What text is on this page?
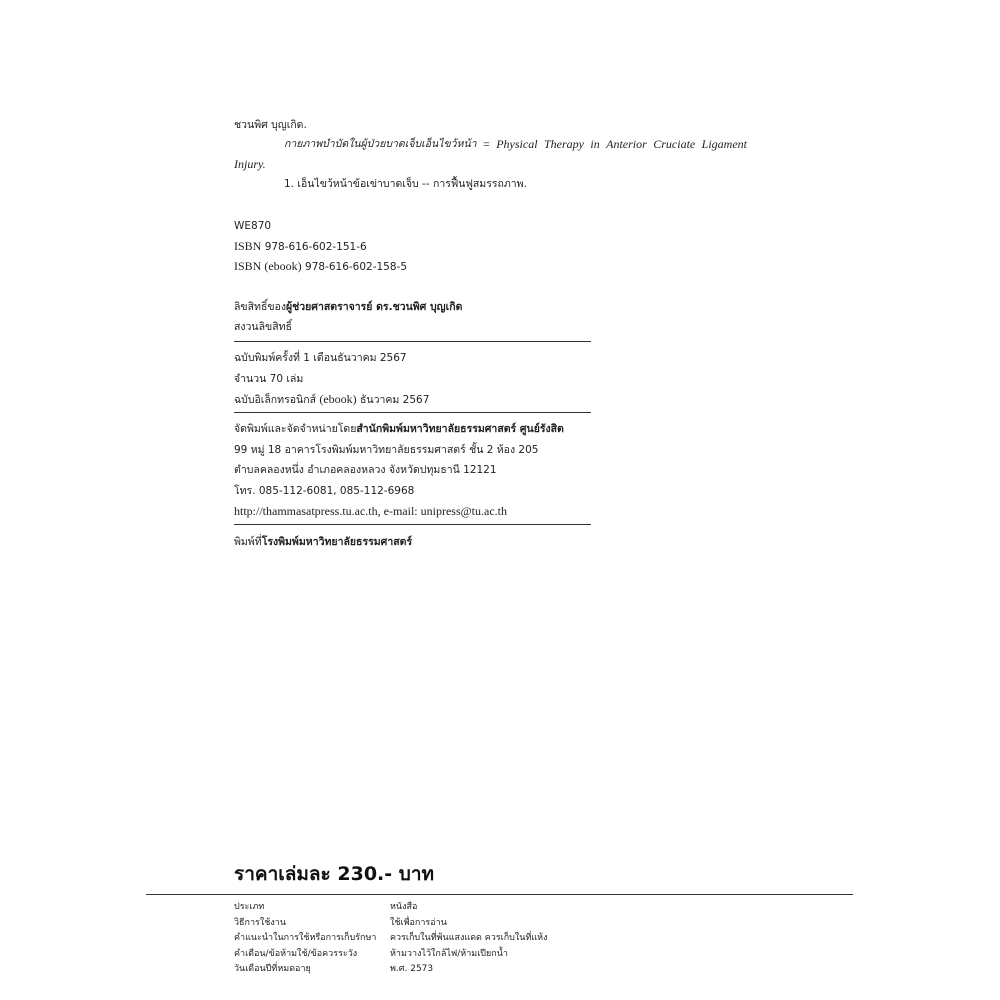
ชวนพิศ บุญเกิด.
กายภาพบำบัดในผู้ป่วยบาดเจ็บเอ็นไขว้หน้า = Physical Therapy in Anterior Cruciate Ligament
Injury.
1. เอ็นไขว้หน้าข้อเข่าบาดเจ็บ -- การฟื้นฟูสมรรถภาพ.
WE870
ISBN 978-616-602-151-6
ISBN (ebook) 978-616-602-158-5
ลิขสิทธิ์ของผู้ช่วยศาสตราจารย์ ดร.ชวนพิศ บุญเกิด
สงวนลิขสิทธิ์
ฉบับพิมพ์ครั้งที่ 1 เดือนธันวาคม 2567
จำนวน 70 เล่ม
ฉบับอิเล็กทรอนิกส์ (ebook) ธันวาคม 2567
จัดพิมพ์และจัดจำหน่ายโดยสำนักพิมพ์มหาวิทยาลัยธรรมศาสตร์ ศูนย์รังสิต
99 หมู่ 18 อาคารโรงพิมพ์มหาวิทยาลัยธรรมศาสตร์ ชั้น 2 ห้อง 205
ตำบลคลองหนึ่ง อำเภอคลองหลวง จังหวัดปทุมธานี 12121
โทร. 085-112-6081, 085-112-6968
http://thammasatpress.tu.ac.th, e-mail: unipress@tu.ac.th
พิมพ์ที่โรงพิมพ์มหาวิทยาลัยธรรมศาสตร์
ราคาเล่มละ 230.- บาท
ประเภท	หนังสือ
วิธีการใช้งาน	ใช้เพื่อการอ่าน
คำแนะนำในการใช้หรือการเก็บรักษา	ควรเก็บในที่พ้นแสงแดด ควรเก็บในที่แห้ง
คำเตือน/ข้อห้ามใช้/ข้อควรระวัง	ห้ามวางไว้ใกล้ไฟ/ห้ามเปียกน้ำ
วันเดือนปีที่หมดอายุ	พ.ศ. 2573
